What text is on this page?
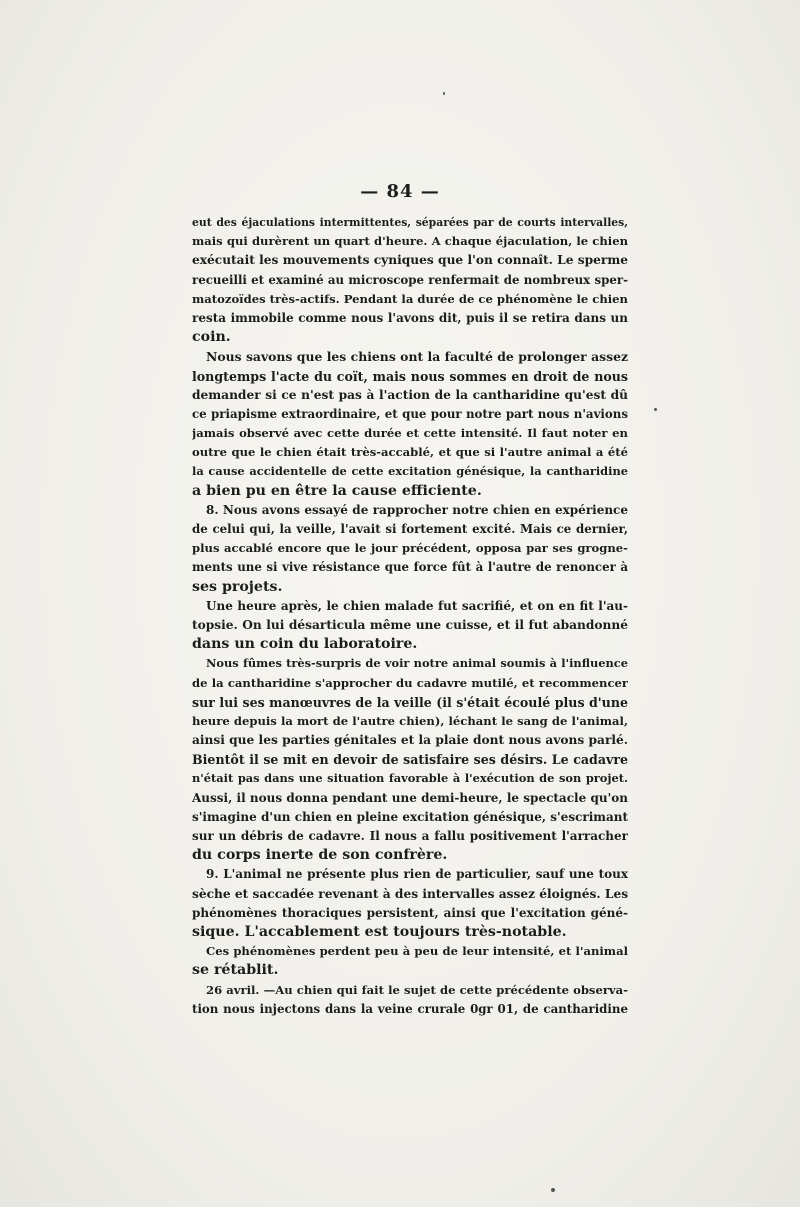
— 84 —
eut des éjaculations intermittentes, séparées par de courts intervalles,
mais qui durèrent un quart d'heure. A chaque éjaculation, le chien
exécutait les mouvements cyniques que l'on connaît. Le sperme
recueilli et examiné au microscope renfermait de nombreux sper-
matozoïdes très-actifs. Pendant la durée de ce phénomène le chien
resta immobile comme nous l'avons dit, puis il se retira dans un
coin.
Nous savons que les chiens ont la faculté de prolonger assez
longtemps l'acte du coït, mais nous sommes en droit de nous
demander si ce n'est pas à l'action de la cantharidine qu'est dû
ce priapisme extraordinaire, et que pour notre part nous n'avions
jamais observé avec cette durée et cette intensité. Il faut noter en
outre que le chien était très-accablé, et que si l'autre animal a été
la cause accidentelle de cette excitation génésique, la cantharidine
a bien pu en être la cause efficiente.
8. Nous avons essayé de rapprocher notre chien en expérience
de celui qui, la veille, l'avait si fortement excité. Mais ce dernier,
plus accablé encore que le jour précédent, opposa par ses grogne-
ments une si vive résistance que force fût à l'autre de renoncer à
ses projets.
Une heure après, le chien malade fut sacrifié, et on en fit l'au-
topsie. On lui désarticula même une cuisse, et il fut abandonné
dans un coin du laboratoire.
Nous fûmes très-surpris de voir notre animal soumis à l'influence
de la cantharidine s'approcher du cadavre mutilé, et recommencer
sur lui ses manœuvres de la veille (il s'était écoulé plus d'une
heure depuis la mort de l'autre chien), léchant le sang de l'animal,
ainsi que les parties génitales et la plaie dont nous avons parlé.
Bientôt il se mit en devoir de satisfaire ses désirs. Le cadavre
n'était pas dans une situation favorable à l'exécution de son projet.
Aussi, il nous donna pendant une demi-heure, le spectacle qu'on
s'imagine d'un chien en pleine excitation génésique, s'escrimant
sur un débris de cadavre. Il nous a fallu positivement l'arracher
du corps inerte de son confrère.
9. L'animal ne présente plus rien de particulier, sauf une toux
sèche et saccadée revenant à des intervalles assez éloignés. Les
phénomènes thoraciques persistent, ainsi que l'excitation géné-
sique. L'accablement est toujours très-notable.
Ces phénomènes perdent peu à peu de leur intensité, et l'animal
se rétablit.
26 avril. —Au chien qui fait le sujet de cette précédente observa-
tion nous injectons dans la veine crurale 0gr 01, de cantharidine
